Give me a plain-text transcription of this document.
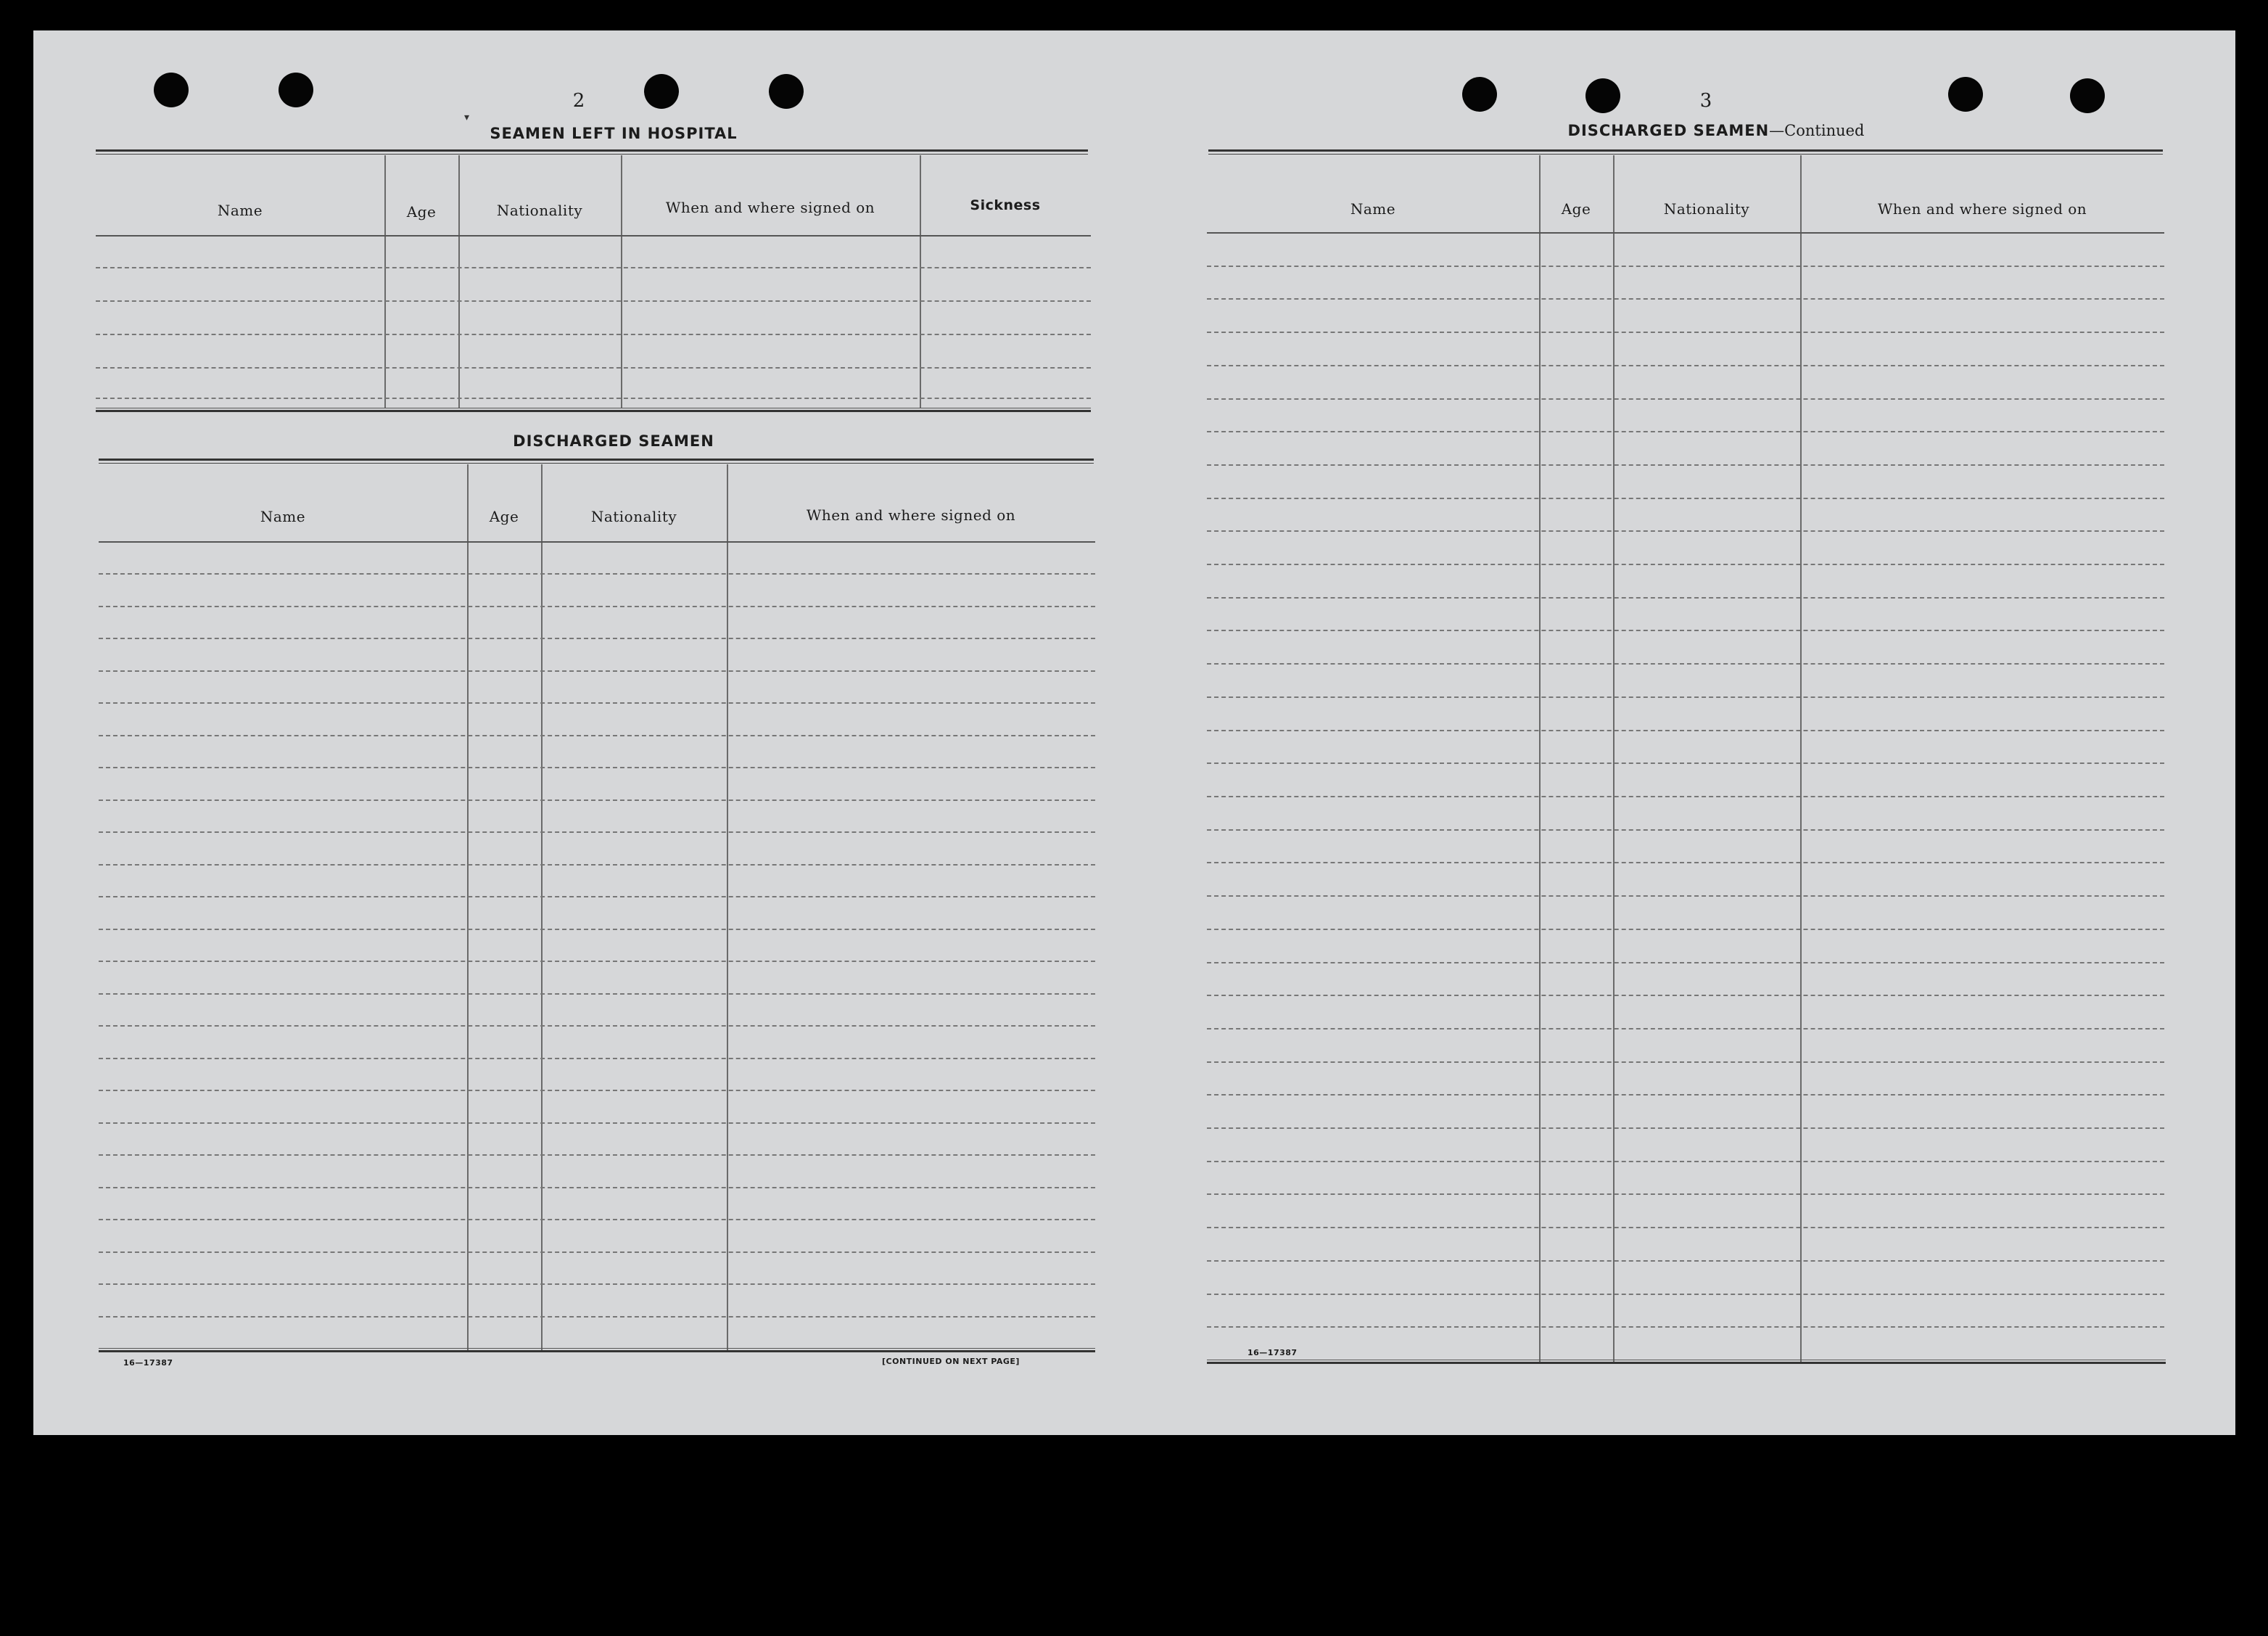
2
▾
SEAMEN LEFT IN HOSPITAL
Name	Age	Nationality	When and where signed on	Sickness
DISCHARGED SEAMEN
Name	Age	Nationality	When and where signed on
16—17387	[CONTINUED ON NEXT PAGE]
3
DISCHARGED SEAMEN—Continued
Name	Age	Nationality	When and where signed on
16—17387
